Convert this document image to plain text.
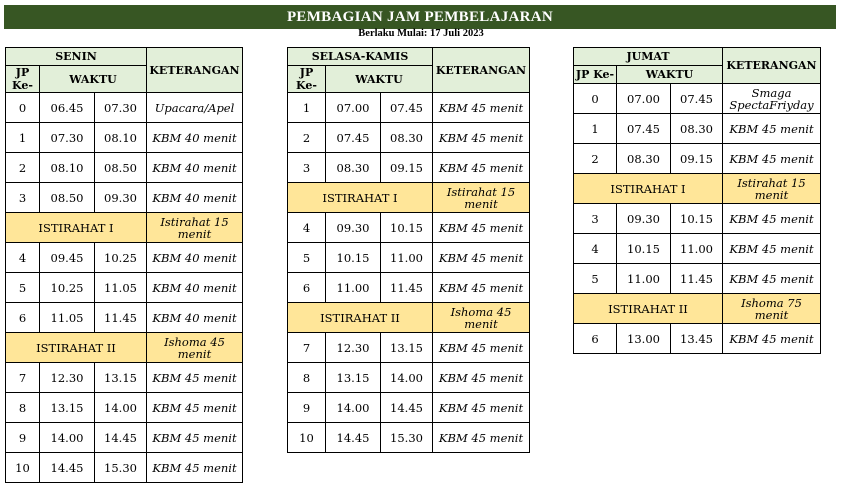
PEMBAGIAN JAM PEMBELAJARAN
Berlaku Mulai: 17 Juli 2023
SENIN			KETERANGAN
JP Ke-	WAKTU		
0	06.45	07.30	Upacara/Apel
1	07.30	08.10	KBM 40 menit
2	08.10	08.50	KBM 40 menit
3	08.50	09.30	KBM 40 menit
ISTIRAHAT I			Istirahat 15 menit
4	09.45	10.25	KBM 40 menit
5	10.25	11.05	KBM 40 menit
6	11.05	11.45	KBM 40 menit
ISTIRAHAT II			Ishoma 45 menit
7	12.30	13.15	KBM 45 menit
8	13.15	14.00	KBM 45 menit
9	14.00	14.45	KBM 45 menit
10	14.45	15.30	KBM 45 menit
SELASA-KAMIS			KETERANGAN
JP Ke-	WAKTU		
1	07.00	07.45	KBM 45 menit
2	07.45	08.30	KBM 45 menit
3	08.30	09.15	KBM 45 menit
ISTIRAHAT I			Istirahat 15 menit
4	09.30	10.15	KBM 45 menit
5	10.15	11.00	KBM 45 menit
6	11.00	11.45	KBM 45 menit
ISTIRAHAT II			Ishoma 45 menit
7	12.30	13.15	KBM 45 menit
8	13.15	14.00	KBM 45 menit
9	14.00	14.45	KBM 45 menit
10	14.45	15.30	KBM 45 menit
JUMAT			KETERANGAN
JP Ke-	WAKTU		
0	07.00	07.45	Smaga SpectaFriyday
1	07.45	08.30	KBM 45 menit
2	08.30	09.15	KBM 45 menit
ISTIRAHAT I			Istirahat 15 menit
3	09.30	10.15	KBM 45 menit
4	10.15	11.00	KBM 45 menit
5	11.00	11.45	KBM 45 menit
ISTIRAHAT II			Ishoma 75 menit
6	13.00	13.45	KBM 45 menit
